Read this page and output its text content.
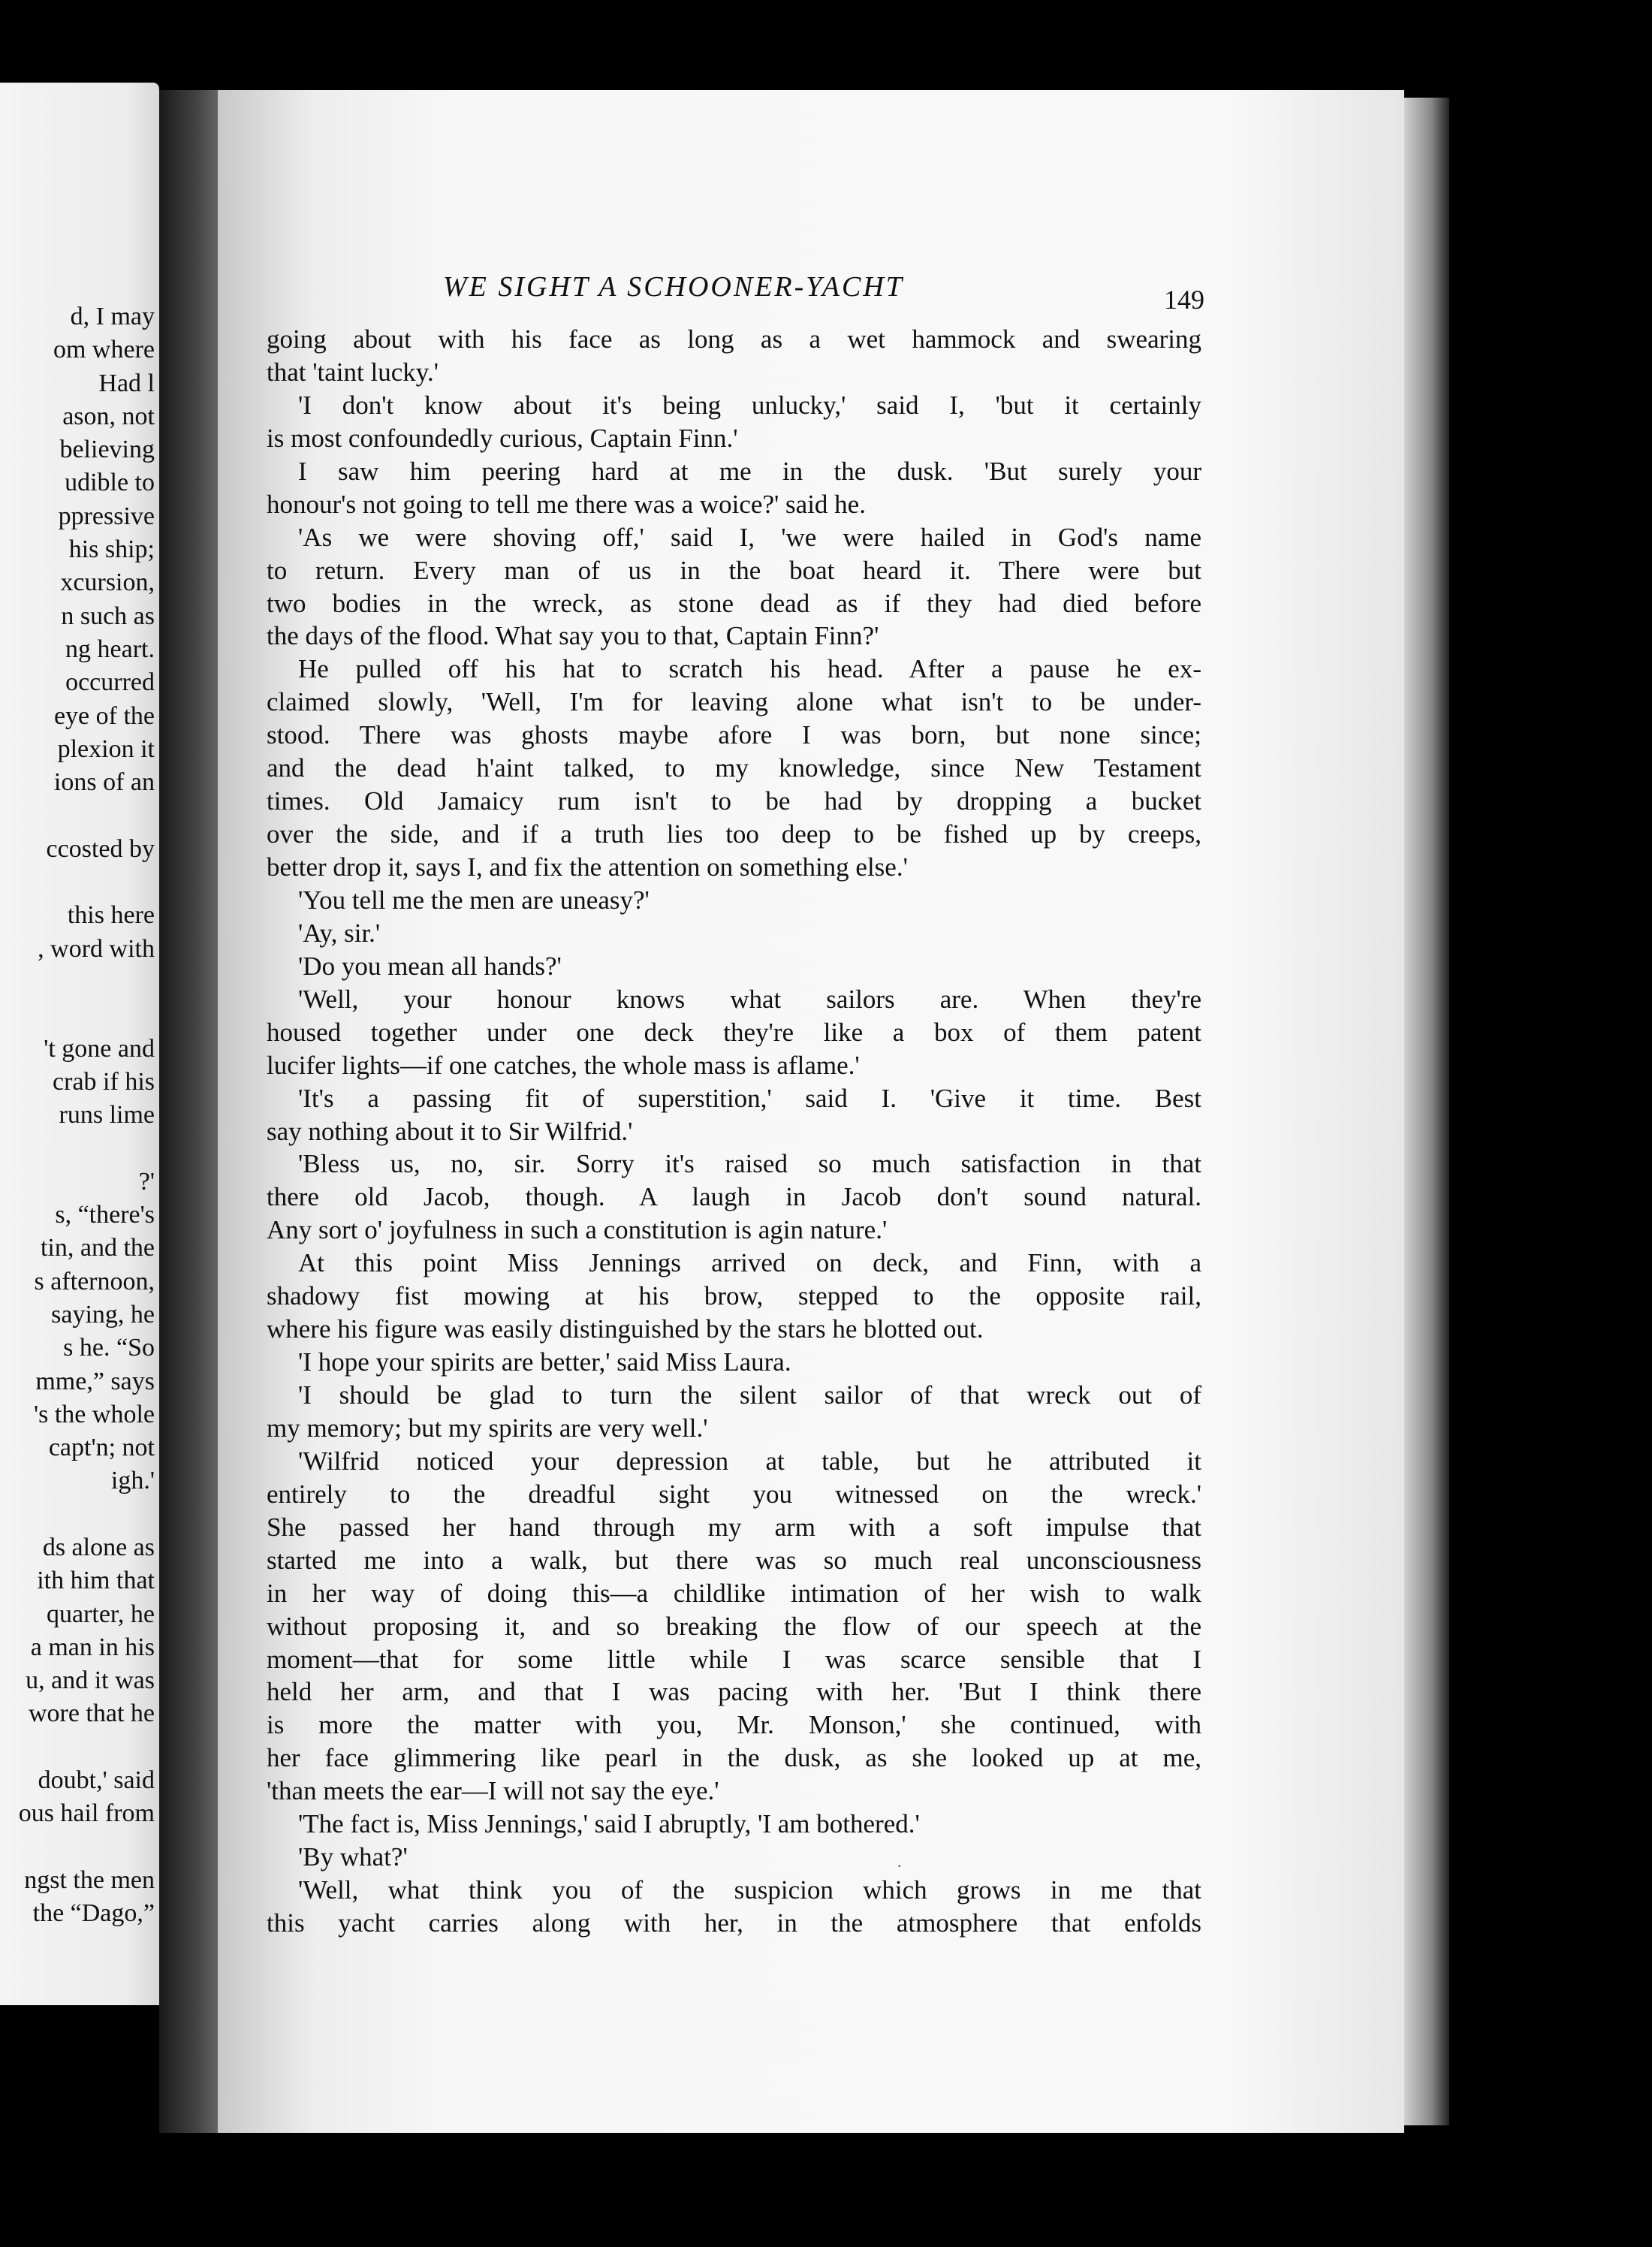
d, I may
om where
Had l
ason, not
believing
udible to
ppressive
his ship;
xcursion,
n such as
ng heart.
occurred
eye of the
plexion it
ions of an
ccosted by
this here
, word with
't gone and
crab if his
runs lime
?'
s, “there's
tin, and the
s afternoon,
saying, he
s he. “So
mme,” says
's the whole
capt'n; not
igh.'
ds alone as
ith him that
quarter, he
a man in his
u, and it was
wore that he
doubt,' said
ous hail from
ngst the men
the “Dago,”
WE SIGHT A SCHOONER-YACHT	149
going about with his face as long as a wet hammock and swearing
that 'taint lucky.'
'I don't know about it's being unlucky,' said I, 'but it certainly
is most confoundedly curious, Captain Finn.'
I saw him peering hard at me in the dusk. 'But surely your
honour's not going to tell me there was a woice?' said he.
'As we were shoving off,' said I, 'we were hailed in God's name
to return. Every man of us in the boat heard it. There were but
two bodies in the wreck, as stone dead as if they had died before
the days of the flood. What say you to that, Captain Finn?'
He pulled off his hat to scratch his head. After a pause he ex-
claimed slowly, 'Well, I'm for leaving alone what isn't to be under-
stood. There was ghosts maybe afore I was born, but none since;
and the dead h'aint talked, to my knowledge, since New Testament
times. Old Jamaicy rum isn't to be had by dropping a bucket
over the side, and if a truth lies too deep to be fished up by creeps,
better drop it, says I, and fix the attention on something else.'
'You tell me the men are uneasy?'
'Ay, sir.'
'Do you mean all hands?'
'Well, your honour knows what sailors are. When they're
housed together under one deck they're like a box of them patent
lucifer lights—if one catches, the whole mass is aflame.'
'It's a passing fit of superstition,' said I. 'Give it time. Best
say nothing about it to Sir Wilfrid.'
'Bless us, no, sir. Sorry it's raised so much satisfaction in that
there old Jacob, though. A laugh in Jacob don't sound natural.
Any sort o' joyfulness in such a constitution is agin nature.'
At this point Miss Jennings arrived on deck, and Finn, with a
shadowy fist mowing at his brow, stepped to the opposite rail,
where his figure was easily distinguished by the stars he blotted out.
'I hope your spirits are better,' said Miss Laura.
'I should be glad to turn the silent sailor of that wreck out of
my memory; but my spirits are very well.'
'Wilfrid noticed your depression at table, but he attributed it
entirely to the dreadful sight you witnessed on the wreck.'
She passed her hand through my arm with a soft impulse that
started me into a walk, but there was so much real unconsciousness
in her way of doing this—a childlike intimation of her wish to walk
without proposing it, and so breaking the flow of our speech at the
moment—that for some little while I was scarce sensible that I
held her arm, and that I was pacing with her. 'But I think there
is more the matter with you, Mr. Monson,' she continued, with
her face glimmering like pearl in the dusk, as she looked up at me,
'than meets the ear—I will not say the eye.'
'The fact is, Miss Jennings,' said I abruptly, 'I am bothered.'
'By what?'
'Well, what think you of the suspicion which grows in me that
this yacht carries along with her, in the atmosphere that enfolds
.
